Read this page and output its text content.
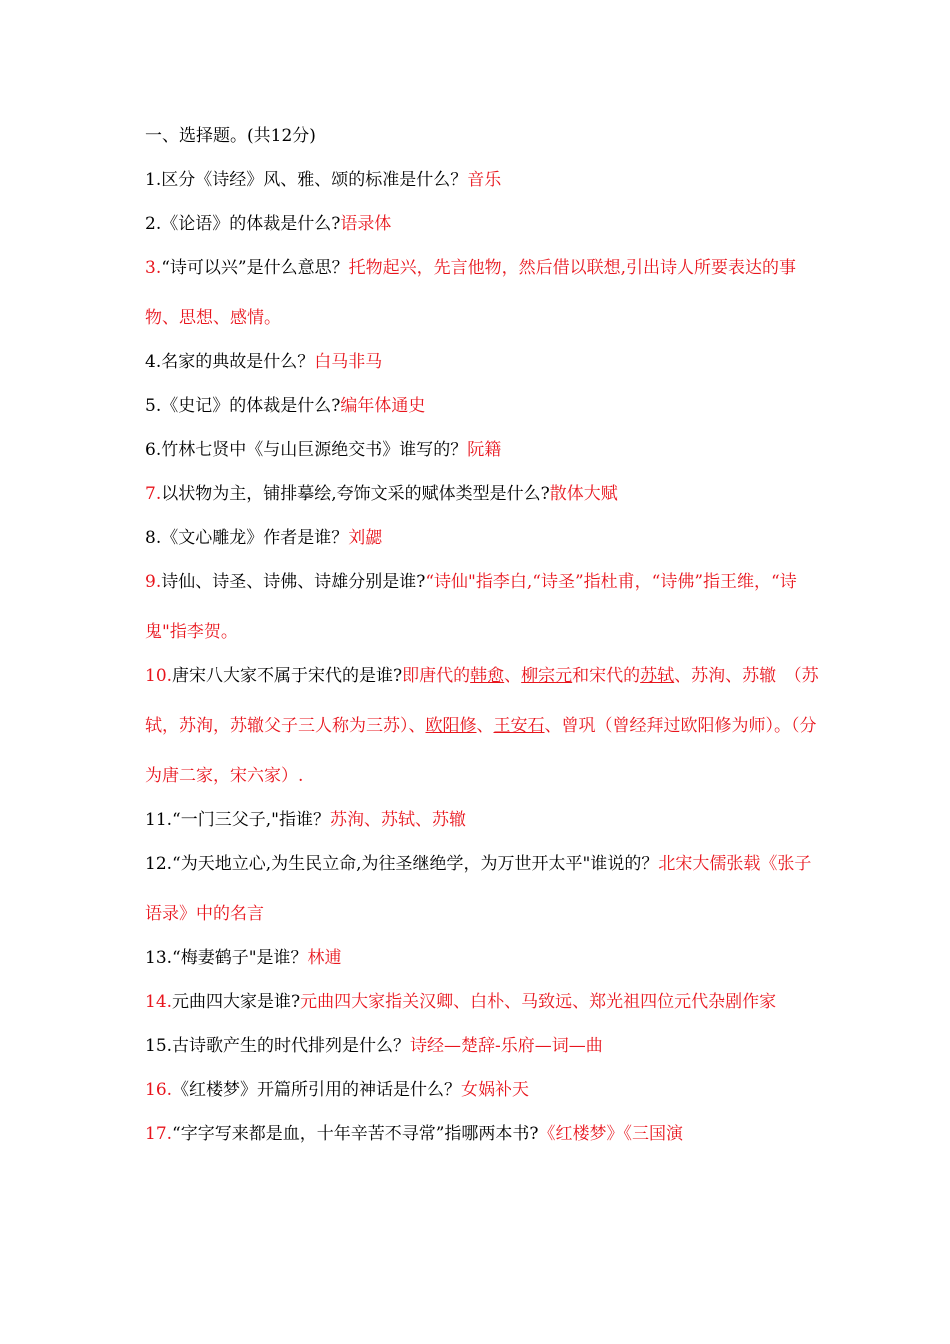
一、选择题。(共12分)

1.区分《诗经》风、雅、颂的标准是什么？音乐

2.《论语》的体裁是什么?语录体

3.“诗可以兴”是什么意思？托物起兴，先言他物，然后借以联想,引出诗人所要表达的事物、思想、感情。

4.名家的典故是什么？白马非马

5.《史记》的体裁是什么?编年体通史

6.竹林七贤中《与山巨源绝交书》谁写的？阮籍

7.以状物为主，铺排摹绘,夸饰文采的赋体类型是什么?散体大赋

8.《文心雕龙》作者是谁？刘勰

9.诗仙、诗圣、诗佛、诗雄分别是谁?“诗仙"指李白,“诗圣”指杜甫，“诗佛”指王维，“诗鬼"指李贺。

10.唐宋八大家不属于宋代的是谁?即唐代的韩愈、柳宗元和宋代的苏轼、苏洵、苏辙　（苏轼，苏洵，苏辙父子三人称为三苏）、欧阳修、王安石、曾巩（曾经拜过欧阳修为师）。（分为唐二家，宋六家）.

11.“一门三父子,"指谁？苏洵、苏轼、苏辙

12.“为天地立心,为生民立命,为往圣继绝学，为万世开太平"谁说的？北宋大儒张载《张子语录》中的名言

13.“梅妻鹤子"是谁？林逋

14.元曲四大家是谁?元曲四大家指关汉卿、白朴、马致远、郑光祖四位元代杂剧作家

15.古诗歌产生的时代排列是什么？诗经—楚辞-乐府—词—曲

16.《红楼梦》开篇所引用的神话是什么？女娲补天

17.“字字写来都是血，十年辛苦不寻常”指哪两本书?《红楼梦》《三国演
